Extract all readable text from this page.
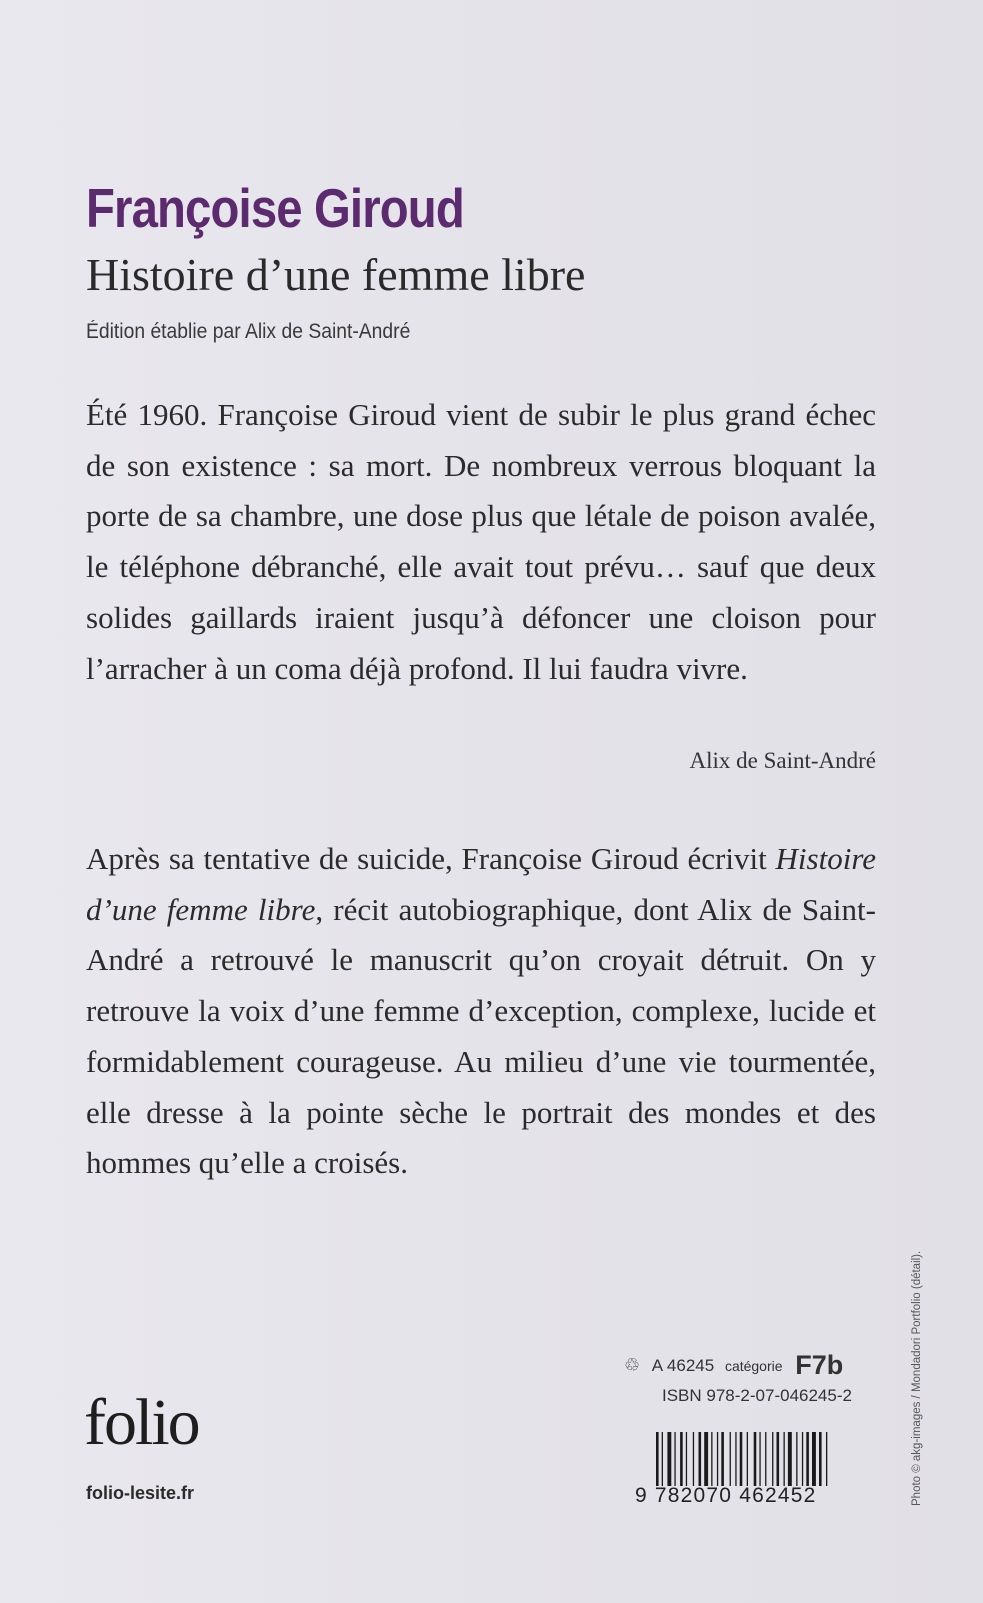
Françoise Giroud
Histoire d’une femme libre
Édition établie par Alix de Saint-André
Été 1960. Françoise Giroud vient de subir le plus grand échec de son existence : sa mort. De nombreux verrous bloquant la porte de sa chambre, une dose plus que létale de poison avalée, le téléphone débranché, elle avait tout prévu… sauf que deux solides gaillards iraient jusqu’à défoncer une cloison pour l’arracher à un coma déjà profond. Il lui faudra vivre.
Alix de Saint-André
Après sa tentative de suicide, Françoise Giroud écrivit Histoire d’une femme libre, récit autobiographique, dont Alix de Saint-André a retrouvé le manuscrit qu’on croyait détruit. On y retrouve la voix d’une femme d’exception, complexe, lucide et formidablement courageuse. Au milieu d’une vie tourmentée, elle dresse à la pointe sèche le portrait des mondes et des hommes qu’elle a croisés.
folio
folio-lesite.fr
♲ A 46245 catégorie F7b
ISBN 978-2-07-046245-2
9 782070 462452	Photo © akg-images / Mondadori Portfolio (détail).
